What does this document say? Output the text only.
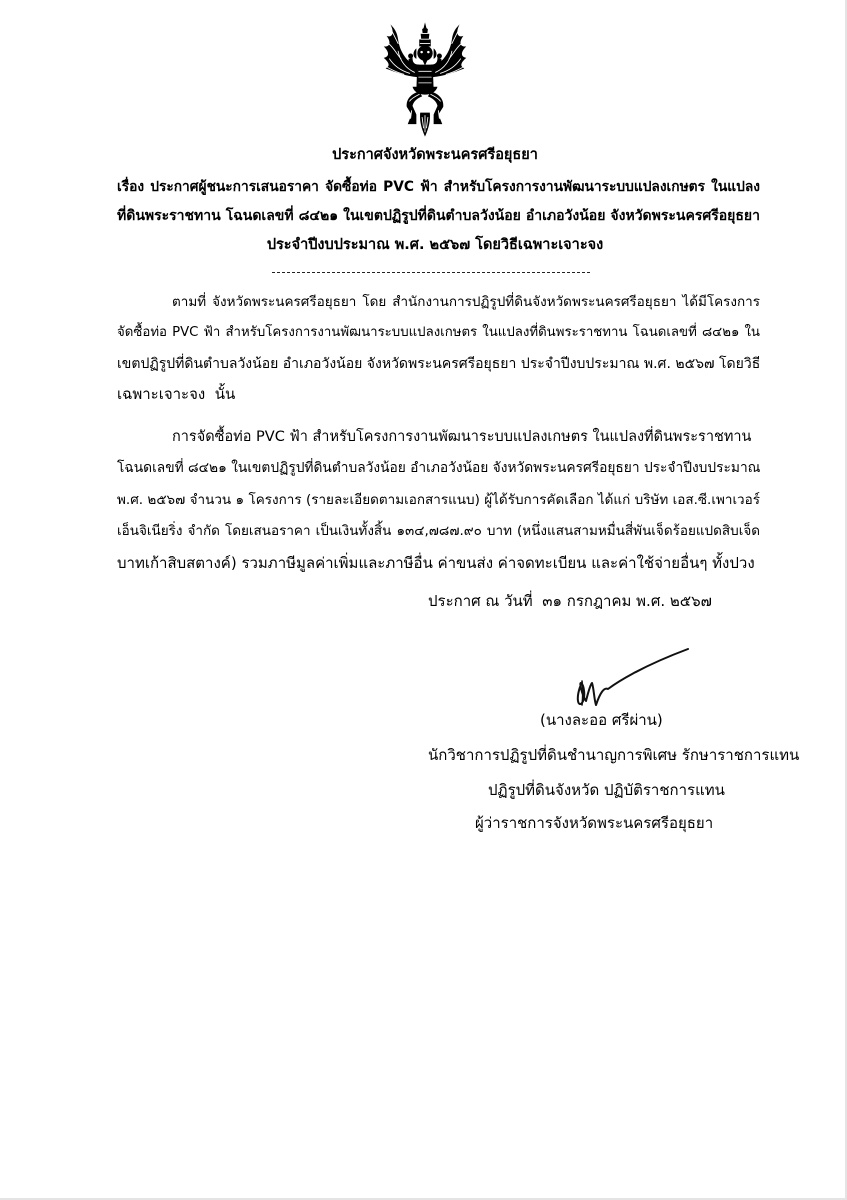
ประกาศจังหวัดพระนครศรีอยุธยา
เรื่อง ประกาศผู้ชนะการเสนอราคา จัดซื้อท่อ PVC ฟ้า สำหรับโครงการงานพัฒนาระบบแปลงเกษตร ในแปลง
ที่ดินพระราชทาน โฉนดเลขที่ ๘๔๒๑ ในเขตปฏิรูปที่ดินตำบลวังน้อย อำเภอวังน้อย จังหวัดพระนครศรีอยุธยา
ประจำปีงบประมาณ พ.ศ. ๒๕๖๗ โดยวิธีเฉพาะเจาะจง
ตามที่ จังหวัดพระนครศรีอยุธยา โดย สำนักงานการปฏิรูปที่ดินจังหวัดพระนครศรีอยุธยา ได้มีโครงการ
จัดซื้อท่อ PVC ฟ้า สำหรับโครงการงานพัฒนาระบบแปลงเกษตร ในแปลงที่ดินพระราชทาน โฉนดเลขที่ ๘๔๒๑ ใน
เขตปฏิรูปที่ดินตำบลวังน้อย อำเภอวังน้อย จังหวัดพระนครศรีอยุธยา ประจำปีงบประมาณ พ.ศ. ๒๕๖๗ โดยวิธี
เฉพาะเจาะจง  นั้น
การจัดซื้อท่อ PVC ฟ้า สำหรับโครงการงานพัฒนาระบบแปลงเกษตร ในแปลงที่ดินพระราชทาน
โฉนดเลขที่ ๘๔๒๑ ในเขตปฏิรูปที่ดินตำบลวังน้อย อำเภอวังน้อย จังหวัดพระนครศรีอยุธยา ประจำปีงบประมาณ
พ.ศ. ๒๕๖๗ จำนวน ๑ โครงการ (รายละเอียดตามเอกสารแนบ) ผู้ได้รับการคัดเลือก ได้แก่ บริษัท เอส.ซี.เพาเวอร์
เอ็นจิเนียริ่ง จำกัด โดยเสนอราคา เป็นเงินทั้งสิ้น ๑๓๔,๗๘๗.๙๐ บาท (หนึ่งแสนสามหมื่นสี่พันเจ็ดร้อยแปดสิบเจ็ด
บาทเก้าสิบสตางค์) รวมภาษีมูลค่าเพิ่มและภาษีอื่น ค่าขนส่ง ค่าจดทะเบียน และค่าใช้จ่ายอื่นๆ ทั้งปวง
ประกาศ ณ วันที่  ๓๑ กรกฎาคม พ.ศ. ๒๕๖๗
(นางละออ ศรีผ่าน)
นักวิชาการปฏิรูปที่ดินชำนาญการพิเศษ รักษาราชการแทน
ปฏิรูปที่ดินจังหวัด ปฏิบัติราชการแทน
ผู้ว่าราชการจังหวัดพระนครศรีอยุธยา
